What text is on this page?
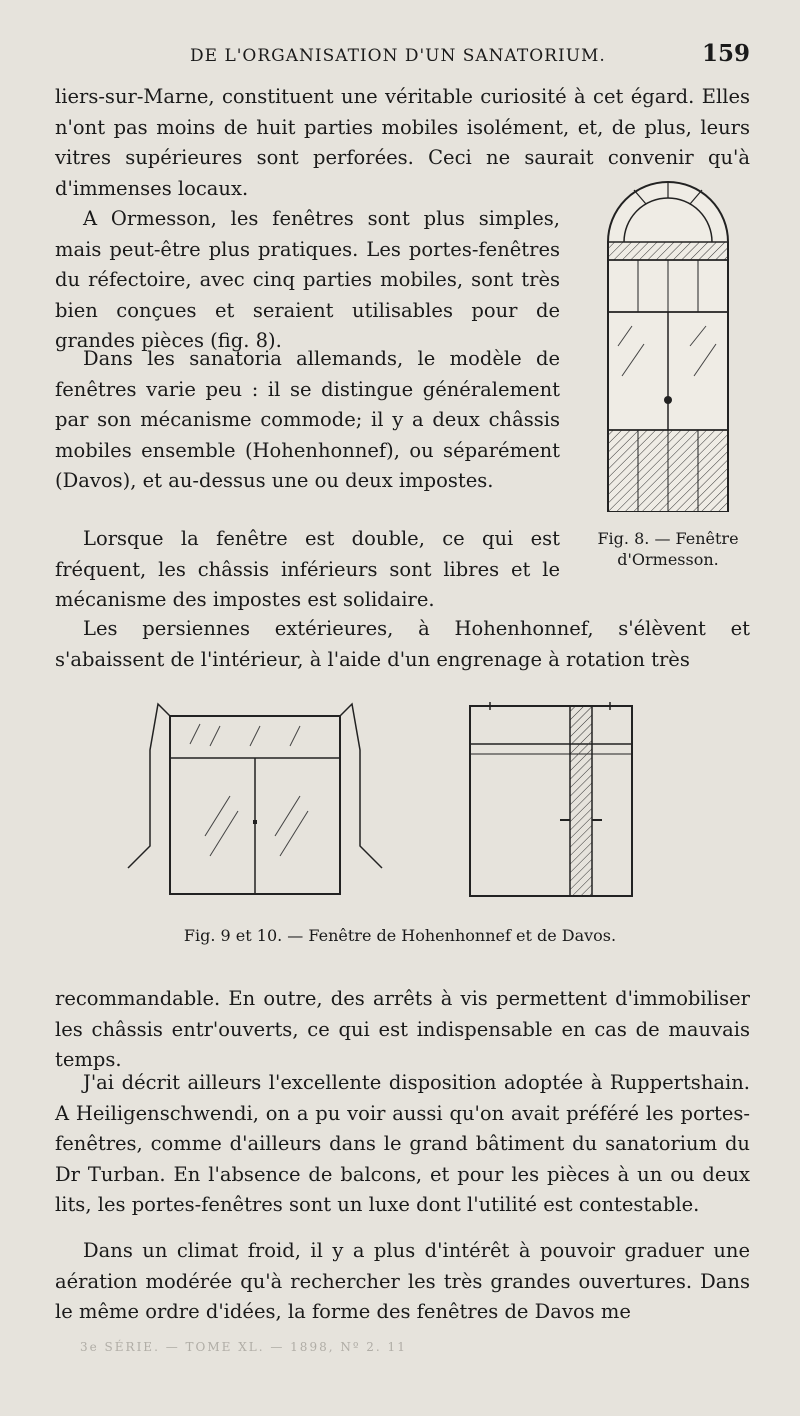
DE L'ORGANISATION D'UN SANATORIUM.	159
liers-sur-Marne, constituent une véritable curiosité à cet égard. Elles n'ont pas moins de huit parties mobiles isolément, et, de plus, leurs vitres supérieures sont perforées. Ceci ne saurait convenir qu'à d'immenses locaux.
A Ormesson, les fenêtres sont plus simples, mais peut-être plus pratiques. Les portes-fenêtres du réfectoire, avec cinq parties mobiles, sont très bien conçues et seraient utilisables pour de grandes pièces (fig. 8).
Dans les sanatoria allemands, le modèle de fenêtres varie peu : il se distingue généralement par son mécanisme commode; il y a deux châssis mobiles ensemble (Hohenhonnef), ou séparément (Davos), et au-dessus une ou deux impostes.
Lorsque la fenêtre est double, ce qui est fréquent, les châssis inférieurs sont libres et le mécanisme des impostes est solidaire.
Les persiennes extérieures, à Hohenhonnef, s'élèvent et s'abaissent de l'intérieur, à l'aide d'un engrenage à rotation très
Fig. 8. — Fenêtre
d'Ormesson.
Fig. 9 et 10. — Fenêtre de Hohenhonnef et de Davos.
recommandable. En outre, des arrêts à vis permettent d'immobiliser les châssis entr'ouverts, ce qui est indispensable en cas de mauvais temps.
J'ai décrit ailleurs l'excellente disposition adoptée à Ruppertshain. A Heiligenschwendi, on a pu voir aussi qu'on avait préféré les portes-fenêtres, comme d'ailleurs dans le grand bâtiment du sanatorium du Dr Turban. En l'absence de balcons, et pour les pièces à un ou deux lits, les portes-fenêtres sont un luxe dont l'utilité est contestable.
Dans un climat froid, il y a plus d'intérêt à pouvoir graduer une aération modérée qu'à rechercher les très grandes ouvertures. Dans le même ordre d'idées, la forme des fenêtres de Davos me
3e SÉRIE. — TOME XL. — 1898, Nº 2. 11
